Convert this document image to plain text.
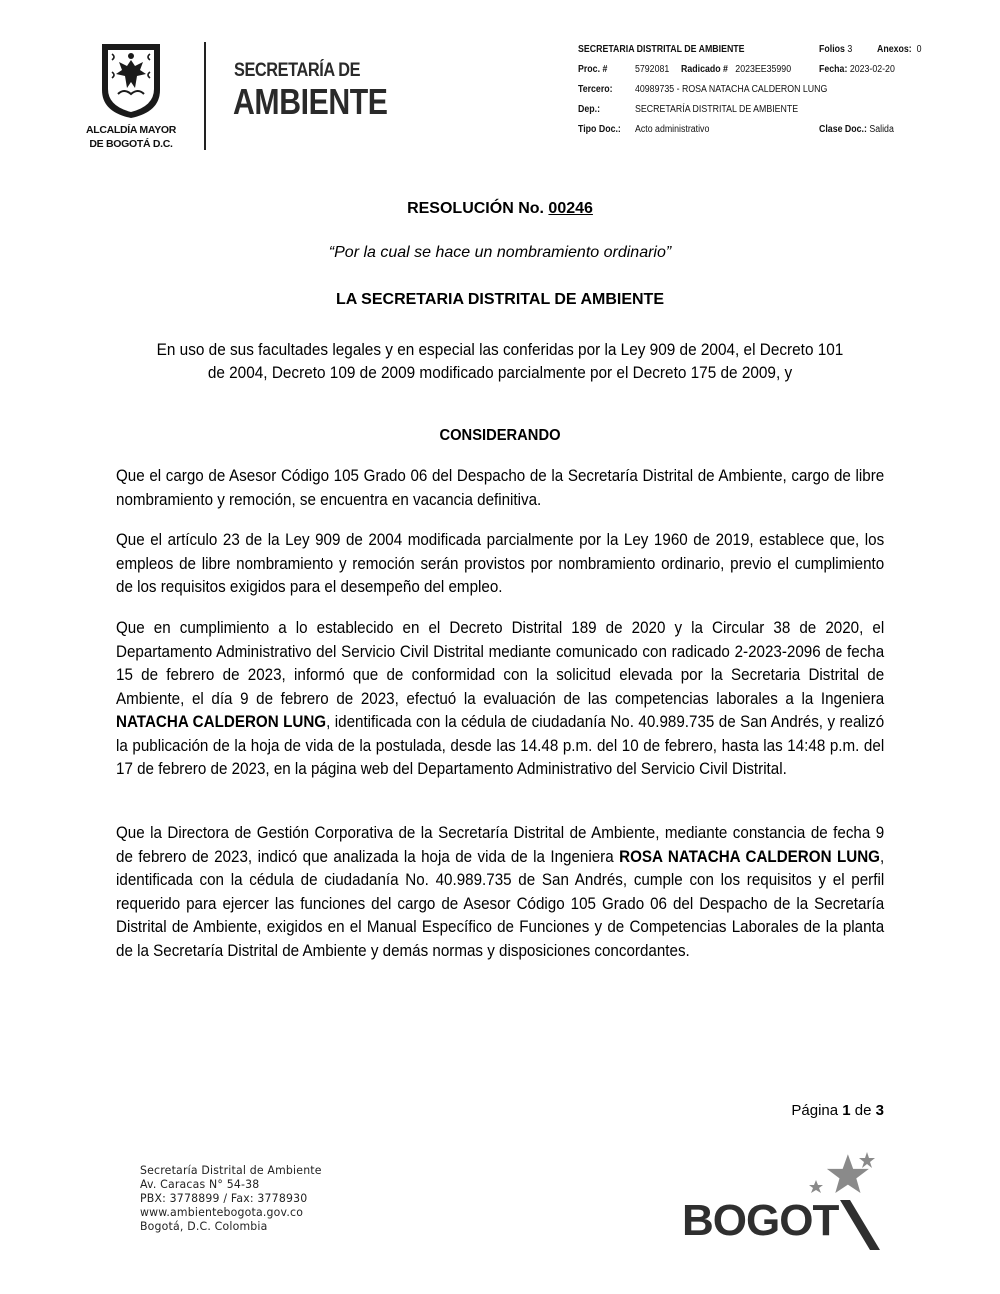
ALCALDÍA MAYOR
DE BOGOTÁ D.C.
SECRETARÍA DE
AMBIENTE
SECRETARIA DISTRITAL DE AMBIENTE	Folios 3 Anexos: 0
Proc. #	5792081 Radicado # 2023EE35990	Fecha: 2023-02-20
Tercero: 40989735 - ROSA NATACHA CALDERON LUNG
Dep.:	SECRETARÍA DISTRITAL DE AMBIENTE
Tipo Doc.: Acto administrativo	Clase Doc.: Salida
RESOLUCIÓN No. 00246
“Por la cual se hace un nombramiento ordinario”
LA SECRETARIA DISTRITAL DE AMBIENTE
En uso de sus facultades legales y en especial las conferidas por la Ley 909 de 2004, el Decreto 101 de 2004, Decreto 109 de 2009 modificado parcialmente por el Decreto 175 de 2009, y
CONSIDERANDO
Que el cargo de Asesor Código 105 Grado 06 del Despacho de la Secretaría Distrital de Ambiente, cargo de libre nombramiento y remoción, se encuentra en vacancia definitiva.
Que el artículo 23 de la Ley 909 de 2004 modificada parcialmente por la Ley 1960 de 2019, establece que, los empleos de libre nombramiento y remoción serán provistos por nombramiento ordinario, previo el cumplimiento de los requisitos exigidos para el desempeño del empleo.
Que en cumplimiento a lo establecido en el Decreto Distrital 189 de 2020 y la Circular 38 de 2020, el Departamento Administrativo del Servicio Civil Distrital mediante comunicado con radicado 2-2023-2096 de fecha 15 de febrero de 2023, informó que de conformidad con la solicitud elevada por la Secretaria Distrital de Ambiente, el día 9 de febrero de 2023, efectuó la evaluación de las competencias laborales a la Ingeniera NATACHA CALDERON LUNG, identificada con la cédula de ciudadanía No. 40.989.735 de San Andrés, y realizó la publicación de la hoja de vida de la postulada, desde las 14.48 p.m. del 10 de febrero, hasta las 14:48 p.m. del 17 de febrero de 2023, en la página web del Departamento Administrativo del Servicio Civil Distrital.
Que la Directora de Gestión Corporativa de la Secretaría Distrital de Ambiente, mediante constancia de fecha 9 de febrero de 2023, indicó que analizada la hoja de vida de la Ingeniera ROSA NATACHA CALDERON LUNG, identificada con la cédula de ciudadanía No. 40.989.735 de San Andrés, cumple con los requisitos y el perfil requerido para ejercer las funciones del cargo de Asesor Código 105 Grado 06 del Despacho de la Secretaría Distrital de Ambiente, exigidos en el Manual Específico de Funciones y de Competencias Laborales de la planta de la Secretaría Distrital de Ambiente y demás normas y disposiciones concordantes.
Página 1 de 3
Secretaría Distrital de Ambiente
Av. Caracas N° 54-38
PBX: 3778899 / Fax: 3778930
www.ambientebogota.gov.co
Bogotá, D.C. Colombia	BOGOT
